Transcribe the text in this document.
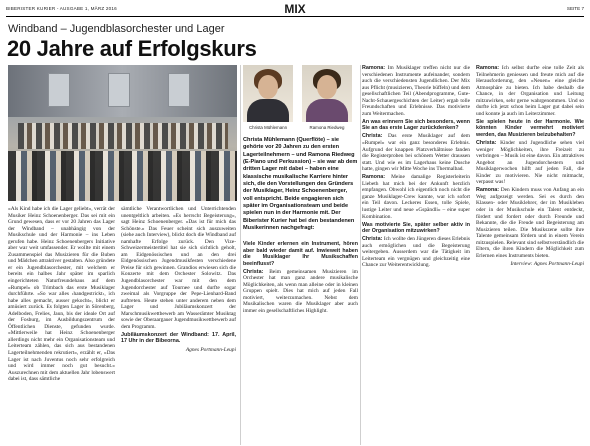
BIBERISTER KURIER - AUSGABE 1, MÄRZ 2016	MIX	SEITE 7
Windband – Jugendblasorchester und Lager
20 Jahre auf Erfolgskurs
Christa Mühlemann	Ramona Riedweg
Christa Mühlemann (Querflöte) – sie gehörte vor 20 Jahren zu den ersten Lagerteilnehmern – und Ramona Riedweg (E-Piano und Perkussion) – sie war ab dem dritten Lager mit dabei – haben eine klassische musikalische Karriere hinter sich, die den Vorstellungen des Gründers der Musiklager, Heinz Schoenenberger, voll entspricht. Beide engagieren sich später im Organisationsteam und beide spielen nun in der Harmonie mit. Der Biberister Kurier hat bei den bestandenen Musikerinnen nachgefragt:

«Als Kind habe ich die Lager geliebt», verrät der Musiker Heinz Schoenenberger. Das sei mit ein Grund gewesen, dass er vor 20 Jahren das Lager der Windband – unabhängig von der Musikschule und der Harmonie – ins Leben gerufen habe. Heinz Schoenenbergers Initiative aber war weit umfassender. Er wollte mit einem Zusammenspiel das Musizieren für die Buben und Mädchen attraktiver gestalten. Also gründete er ein Jugendblasorchester, mit welchem er bereits ein halbes Jahr später im sparlich eingerichteten Naturfreundehaus auf dem «Rumpel» ob Trimbach das erste Musiklager durchführte. «So war alles ‹handgestrickt›, ich habe alles gemacht, ausser gekocht», blickt er amüsiert zurück. Es folgten Lager in Sörenberg, Adelboden, Frelies, Jaun, bis der ideale Ort auf der Fosburg, im Ausbildungszentrum der Öffentlichen Dienste, gefunden wurde. «Mittlerweile hat Heinz Schoenenberger allerdings nicht mehr ein Organisationsteam und Leiterteam zählen, das sich aus bestandenen Lagerteilnehmenden rekrutiert», erzählt er, «Das Lager ist nach Juventus noch sehr erfolgreich und wird immer noch gut besucht.» Auszurechnen mit dem aktuellen Jahr lobenswert dabei ist, dass sämtliche

sämtliche Verantwortlichen und Unterrichtenden unentgeltlich arbeiten. «Es herrscht Begeisterung», sagt Heinz Schoenenberger. «Das ist für mich das Schönste.» Das Feuer scheint sich auszuweiten (siehe auch Interview), blickt doch die Windband auf namhafte Erfolge zurück. Den Vize-Schweizermeistertitel hat sie sich sichtlich geholt, am Eidgenössischen und an den drei Eidgenössischen Jugendmusikfesten verschiedene Preise für sich gewinnen. Grandios erwiesen sich die Konzerte mit dem Orchester Solowitz. Das Jugendblasorchester war mit den dem Jugendorchester auf Tournee und durfte sogar zweimal als Vorgruppe der Pepe-Lienhard-Band auftreten. Heute stehen unter anderem neben dem Lager und Jubiläumskonzert der Marschmusikwettbewerb am Wasserämter Musiktag sowie der Oberaargauer Jugendmusikwettbewerb auf dem Programm.

Jubiläumskonzert der Windband: 17. April, 17 Uhr in der Bibeorna.

Agnes Portmann-Leupi

Viele Kinder erlernen ein Instrument, hören aber bald wieder damit auf. Inwieweit haben die Musiklager Ihr Musikschaffen beeinflusst?

Christa: Beim gemeinsamen Musizieren im Orchester hat man ganz andere musikalische Möglichkeiten, als wenn man alleine oder in kleinen Gruppen spielt. Dies hat mich auf jeden Fall motiviert, weiterzumachen. Nebst dem Musikalischen waren die Musiklager aber auch immer ein gesellschaftliches Highlight.

Ramona: Im Musiklager treffen nicht nur die verschiedenen Instrumente aufeinander, sondern auch die verschiedensten Jugendlichen. Der Mix aus Pflicht (musizieren, Theorie büffeln) und dem gesellschaftlichen Teil (Abendprogramme, Gute-Nacht-Schauergeschichten der Leiter) ergab tolle Freundschaften und Erlebnisse. Das motivierte zum Weitermachen.

An was erinnern Sie sich besonders, wenn Sie an das erste Lager zurückdenken?

Christa: Das erste Musiklager auf dem «Rumpel» war ein ganz besonderes Erlebnis. Aufgrund der knappen Platzverhältnisse fanden die Registerproben bei schönem Wetter draussen statt. Und wie es im Lagerhaus keine Dusche hatte, gingen wir Mitte Woche ins Thermalbad.

Ramona: Meine damalige Registerleiterin Liebeth hat mich bei der Ankunft herzlich empfangen. Obwohl ich eigentlich noch nicht die ganze Musiklager-Crew kannte, war ich sofort ein Teil davon. Leckeres Essen, tolle Spiele, lustige Leiter und neue «Gspändli» – eine super Kombination.

Was motivierte Sie, später selber aktiv in der Organisation mitzuwirken?

Christa: Ich wollte den Jüngeren dieses Erlebnis auch ermöglichen und die Begeisterung weitergeben. Ausserdem war die Tätigkeit im Leiterteam ein vergnügen und gleichzeitig eine Chance zur Weiterentwicklung.

Ramona: Ich selbst durfte eine tolle Zeit als Teilnehmerin geniessen und freute mich auf die Herausforderung, den «Neuen» eine gleiche Atmosphäre zu bieten. Ich habe deshalb die Chance, in der Organisation und Leitung mitzuwirken, sehr gerne wahrgenommen. Und so durfte ich jetzt schon beim Lager gut dabei sein und konnte ja auch im Leiterzimmer.

Sie spielen heute in der Harmonie. Wie könnten Kinder vermehrt motiviert werden, das Musizieren beizubehalten?

Christa: Kinder und Jugendliche sehen viel weniger Möglichkeiten, ihre Freizeit zu verbringen – Musik ist eine davon. Ein attraktives Angebot an Jugendorchestern und Musiklagerwochen hilft auf jeden Fall, die Kinder zu motivieren. Nie nicht mitmacht, verpasst was!

Ramona: Den Kindern muss von Anfang an ein Weg aufgezeigt werden. Sei es durch den Klassen- oder Musiklehrer, der im Musikleben oder in der Musikschule ein Talent entdeckt, fördert und fordert oder durch Freunde und Bekannte, die die Freude und Begeisterung am Musizieren teilen. Die Musikszene sollte ihre Talente gemeinsam fördern und in einem Verein mitzuspielen. Relevant sind selbstverständlich die Eltern, die ihren Kindern die Möglichkeit zum Erlernen eines Instruments bieten.

Interview: Agnes Portmann-Leupi
